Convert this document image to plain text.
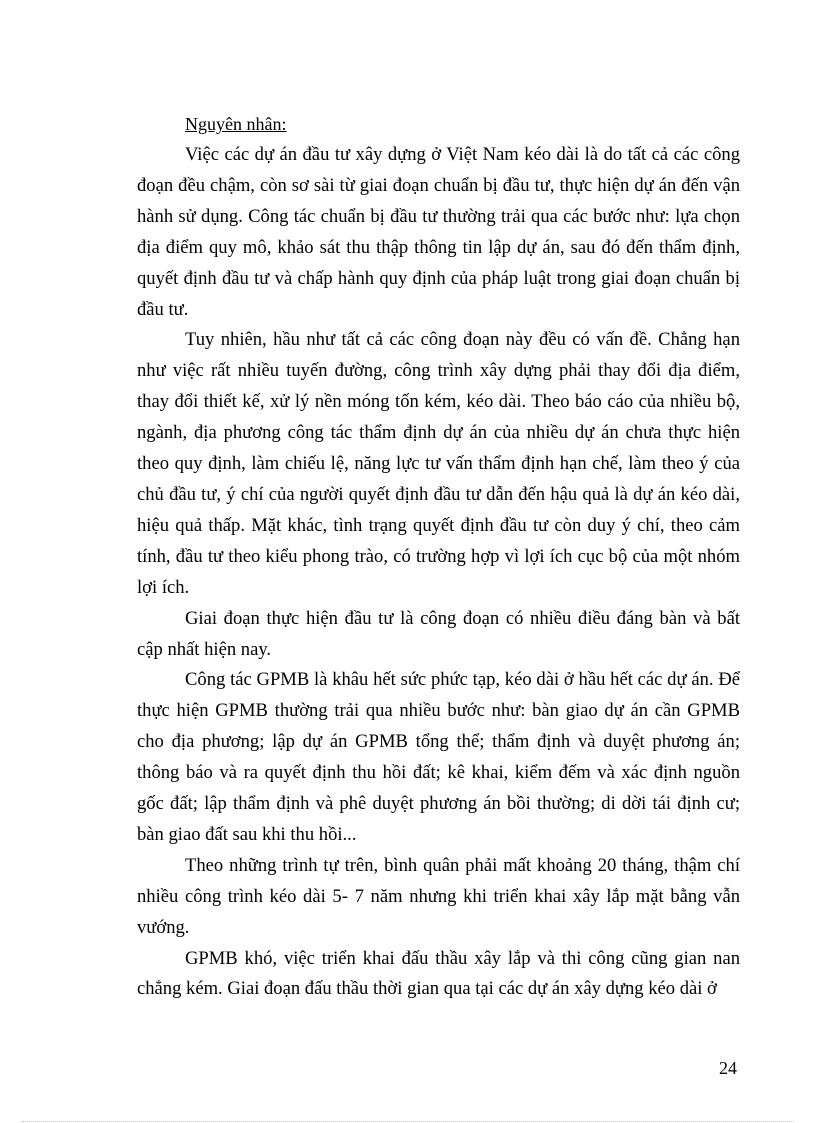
Nguyên nhân:

Việc các dự án đầu tư xây dựng ở Việt Nam kéo dài là do tất cả các công đoạn đều chậm, còn sơ sài từ giai đoạn chuẩn bị đầu tư, thực hiện dự án đến vận hành sử dụng. Công tác chuẩn bị đầu tư thường trải qua các bước như: lựa chọn địa điểm quy mô, khảo sát thu thập thông tin lập dự án, sau đó đến thẩm định, quyết định đầu tư và chấp hành quy định của pháp luật trong giai đoạn chuẩn bị đầu tư.

Tuy nhiên, hầu như tất cả các công đoạn này đều có vấn đề. Chẳng hạn như việc rất nhiều tuyến đường, công trình xây dựng phải thay đổi địa điểm, thay đổi thiết kế, xử lý nền móng tốn kém, kéo dài. Theo báo cáo của nhiều bộ, ngành, địa phương công tác thẩm định dự án của nhiều dự án chưa thực hiện theo quy định, làm chiếu lệ, năng lực tư vấn thẩm định hạn chế, làm theo ý của chủ đầu tư, ý chí của người quyết định đầu tư dẫn đến hậu quả là dự án kéo dài, hiệu quả thấp. Mặt khác, tình trạng quyết định đầu tư còn duy ý chí, theo cảm tính, đầu tư theo kiểu phong trào, có trường hợp vì lợi ích cục bộ của một nhóm lợi ích.

Giai đoạn thực hiện đầu tư là công đoạn có nhiều điều đáng bàn và bất cập nhất hiện nay.

Công tác GPMB là khâu hết sức phức tạp, kéo dài ở hầu hết các dự án. Để thực hiện GPMB thường trải qua nhiều bước như: bàn giao dự án cần GPMB cho địa phương; lập dự án GPMB tổng thể; thẩm định và duyệt phương án; thông báo và ra quyết định thu hồi đất; kê khai, kiểm đếm và xác định nguồn gốc đất; lập thẩm định và phê duyệt phương án bồi thường; di dời tái định cư; bàn giao đất sau khi thu hồi...

Theo những trình tự trên, bình quân phải mất khoảng 20 tháng, thậm chí nhiều công trình kéo dài 5- 7 năm nhưng khi triển khai xây lắp mặt bằng vẫn vướng.

GPMB khó, việc triển khai đấu thầu xây lắp và thi công cũng gian nan chẳng kém. Giai đoạn đấu thầu thời gian qua tại các dự án xây dựng kéo dài ở

24
